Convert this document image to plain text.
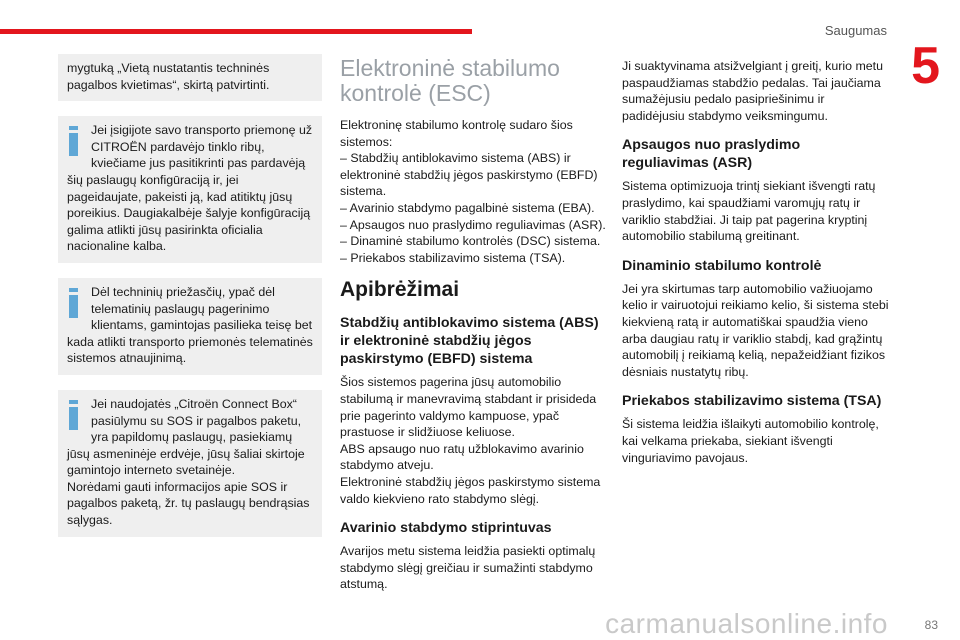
Saugumas
5

mygtuką „Vietą nustatantis techninės pagalbos kvietimas“, skirtą patvirtinti.

Jei įsigijote savo transporto priemonę už CITROËN pardavėjo tinklo ribų, kviečiame jus pasitikrinti pas pardavėją šių paslaugų konfigūraciją ir, jei pageidaujate, pakeisti ją, kad atitiktų jūsų poreikius. Daugiakalbėje šalyje konfigūraciją galima atlikti jūsų pasirinkta oficialia nacionaline kalba.

Dėl techninių priežasčių, ypač dėl telematinių paslaugų pagerinimo klientams, gamintojas pasilieka teisę bet kada atlikti transporto priemonės telematinės sistemos atnaujinimą.

Jei naudojatės „Citroën Connect Box“ pasiūlymu su SOS ir pagalbos paketu, yra papildomų paslaugų, pasiekiamų jūsų asmeninėje erdvėje, jūsų šaliai skirtoje gamintojo interneto svetainėje.
Norėdami gauti informacijos apie SOS ir pagalbos paketą, žr. tų paslaugų bendrąsias sąlygas.

Elektroninė stabilumo kontrolė (ESC)

Elektroninę stabilumo kontrolę sudaro šios sistemos:
– Stabdžių antiblokavimo sistema (ABS) ir elektroninė stabdžių jėgos paskirstymo (EBFD) sistema.
– Avarinio stabdymo pagalbinė sistema (EBA).
– Apsaugos nuo praslydimo reguliavimas (ASR).
– Dinaminė stabilumo kontrolės (DSC) sistema.
– Priekabos stabilizavimo sistema (TSA).

Apibrėžimai
Stabdžių antiblokavimo sistema (ABS) ir elektroninė stabdžių jėgos paskirstymo (EBFD) sistema

Šios sistemos pagerina jūsų automobilio stabilumą ir manevravimą stabdant ir prisideda prie pagerinto valdymo kampuose, ypač prastuose ir slidžiuose keliuose.
ABS apsaugo nuo ratų užblokavimo avarinio stabdymo atveju.
Elektroninė stabdžių jėgos paskirstymo sistema valdo kiekvieno rato stabdymo slėgį.

Avarinio stabdymo stiprintuvas

Avarijos metu sistema leidžia pasiekti optimalų stabdymo slėgį greičiau ir sumažinti stabdymo atstumą.

Ji suaktyvinama atsižvelgiant į greitį, kurio metu paspaudžiamas stabdžio pedalas. Tai jaučiama sumažėjusiu pedalo pasipriešinimu ir padidėjusiu stabdymo veiksmingumu.

Apsaugos nuo praslydimo reguliavimas (ASR)

Sistema optimizuoja trintį siekiant išvengti ratų praslydimo, kai spaudžiami varomųjų ratų ir variklio stabdžiai. Ji taip pat pagerina kryptinį automobilio stabilumą greitinant.

Dinaminio stabilumo kontrolė

Jei yra skirtumas tarp automobilio važiuojamo kelio ir vairuotojui reikiamo kelio, ši sistema stebi kiekvieną ratą ir automatiškai spaudžia vieno arba daugiau ratų ir variklio stabdį, kad grąžintų automobilį į reikiamą kelią, nepažeidžiant fizikos dėsniais nustatytų ribų.

Priekabos stabilizavimo sistema (TSA)

Ši sistema leidžia išlaikyti automobilio kontrolę, kai velkama priekaba, siekiant išvengti vinguriavimo pavojaus.

carmanualsonline.info	83
